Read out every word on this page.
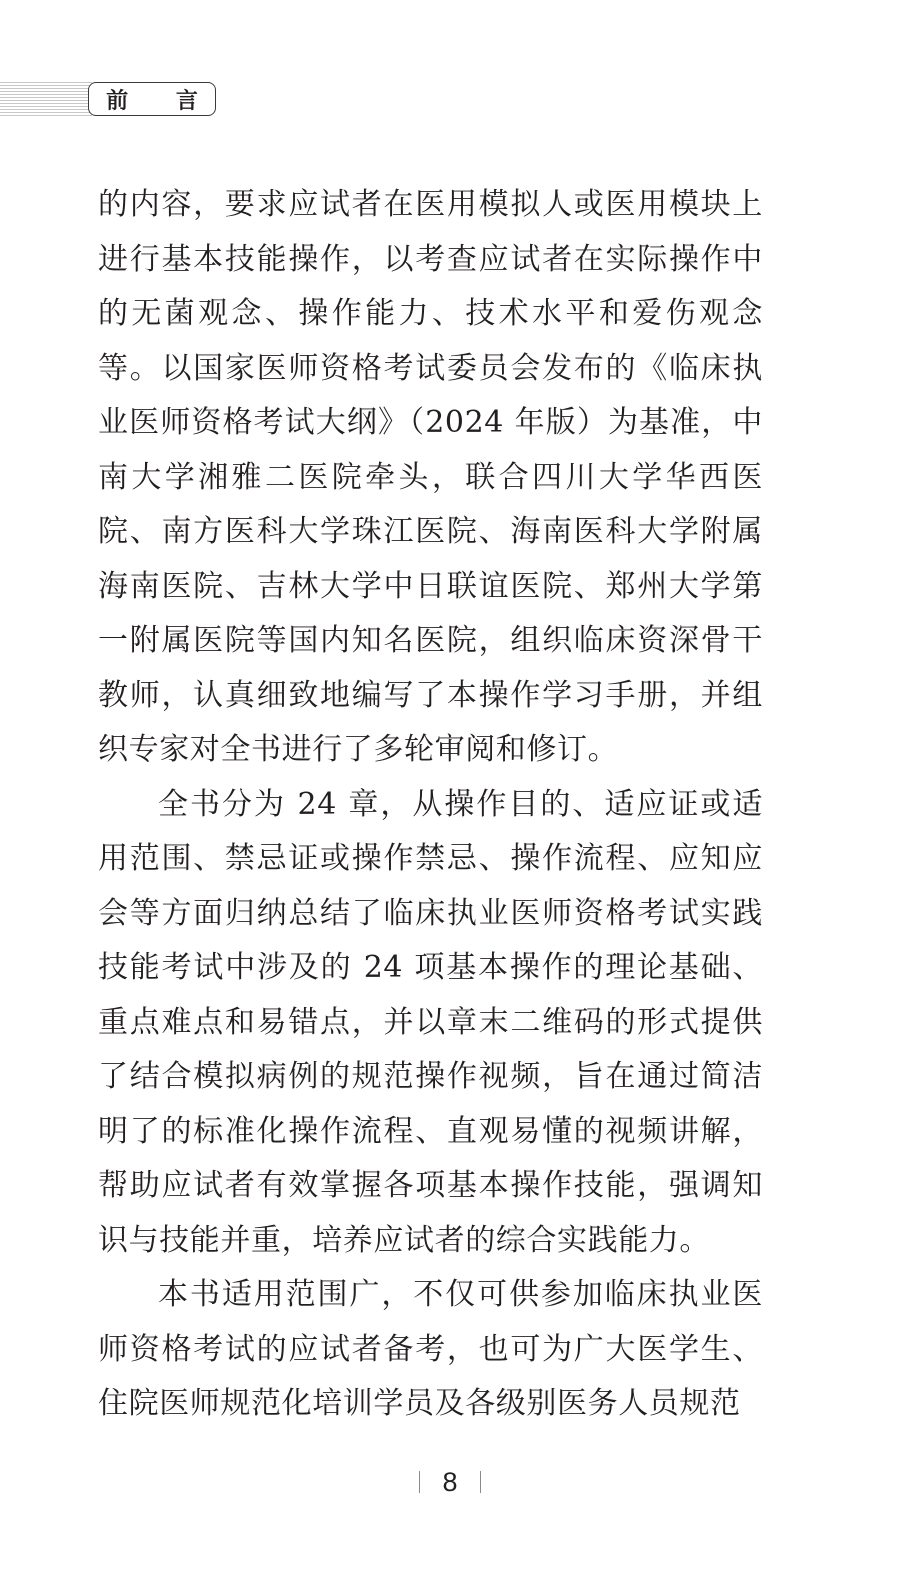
前 言

的内容，要求应试者在医用模拟人或医用模块上进行基本技能操作，以考查应试者在实际操作中的无菌观念、操作能力、技术水平和爱伤观念等。以国家医师资格考试委员会发布的《临床执业医师资格考试大纲》（2024 年版）为基准，中南大学湘雅二医院牵头，联合四川大学华西医院、南方医科大学珠江医院、海南医科大学附属海南医院、吉林大学中日联谊医院、郑州大学第一附属医院等国内知名医院，组织临床资深骨干教师，认真细致地编写了本操作学习手册，并组织专家对全书进行了多轮审阅和修订。

全书分为 24 章，从操作目的、适应证或适用范围、禁忌证或操作禁忌、操作流程、应知应会等方面归纳总结了临床执业医师资格考试实践技能考试中涉及的 24 项基本操作的理论基础、重点难点和易错点，并以章末二维码的形式提供了结合模拟病例的规范操作视频，旨在通过简洁明了的标准化操作流程、直观易懂的视频讲解，帮助应试者有效掌握各项基本操作技能，强调知识与技能并重，培养应试者的综合实践能力。

本书适用范围广，不仅可供参加临床执业医师资格考试的应试者备考，也可为广大医学生、住院医师规范化培训学员及各级别医务人员规范

8
